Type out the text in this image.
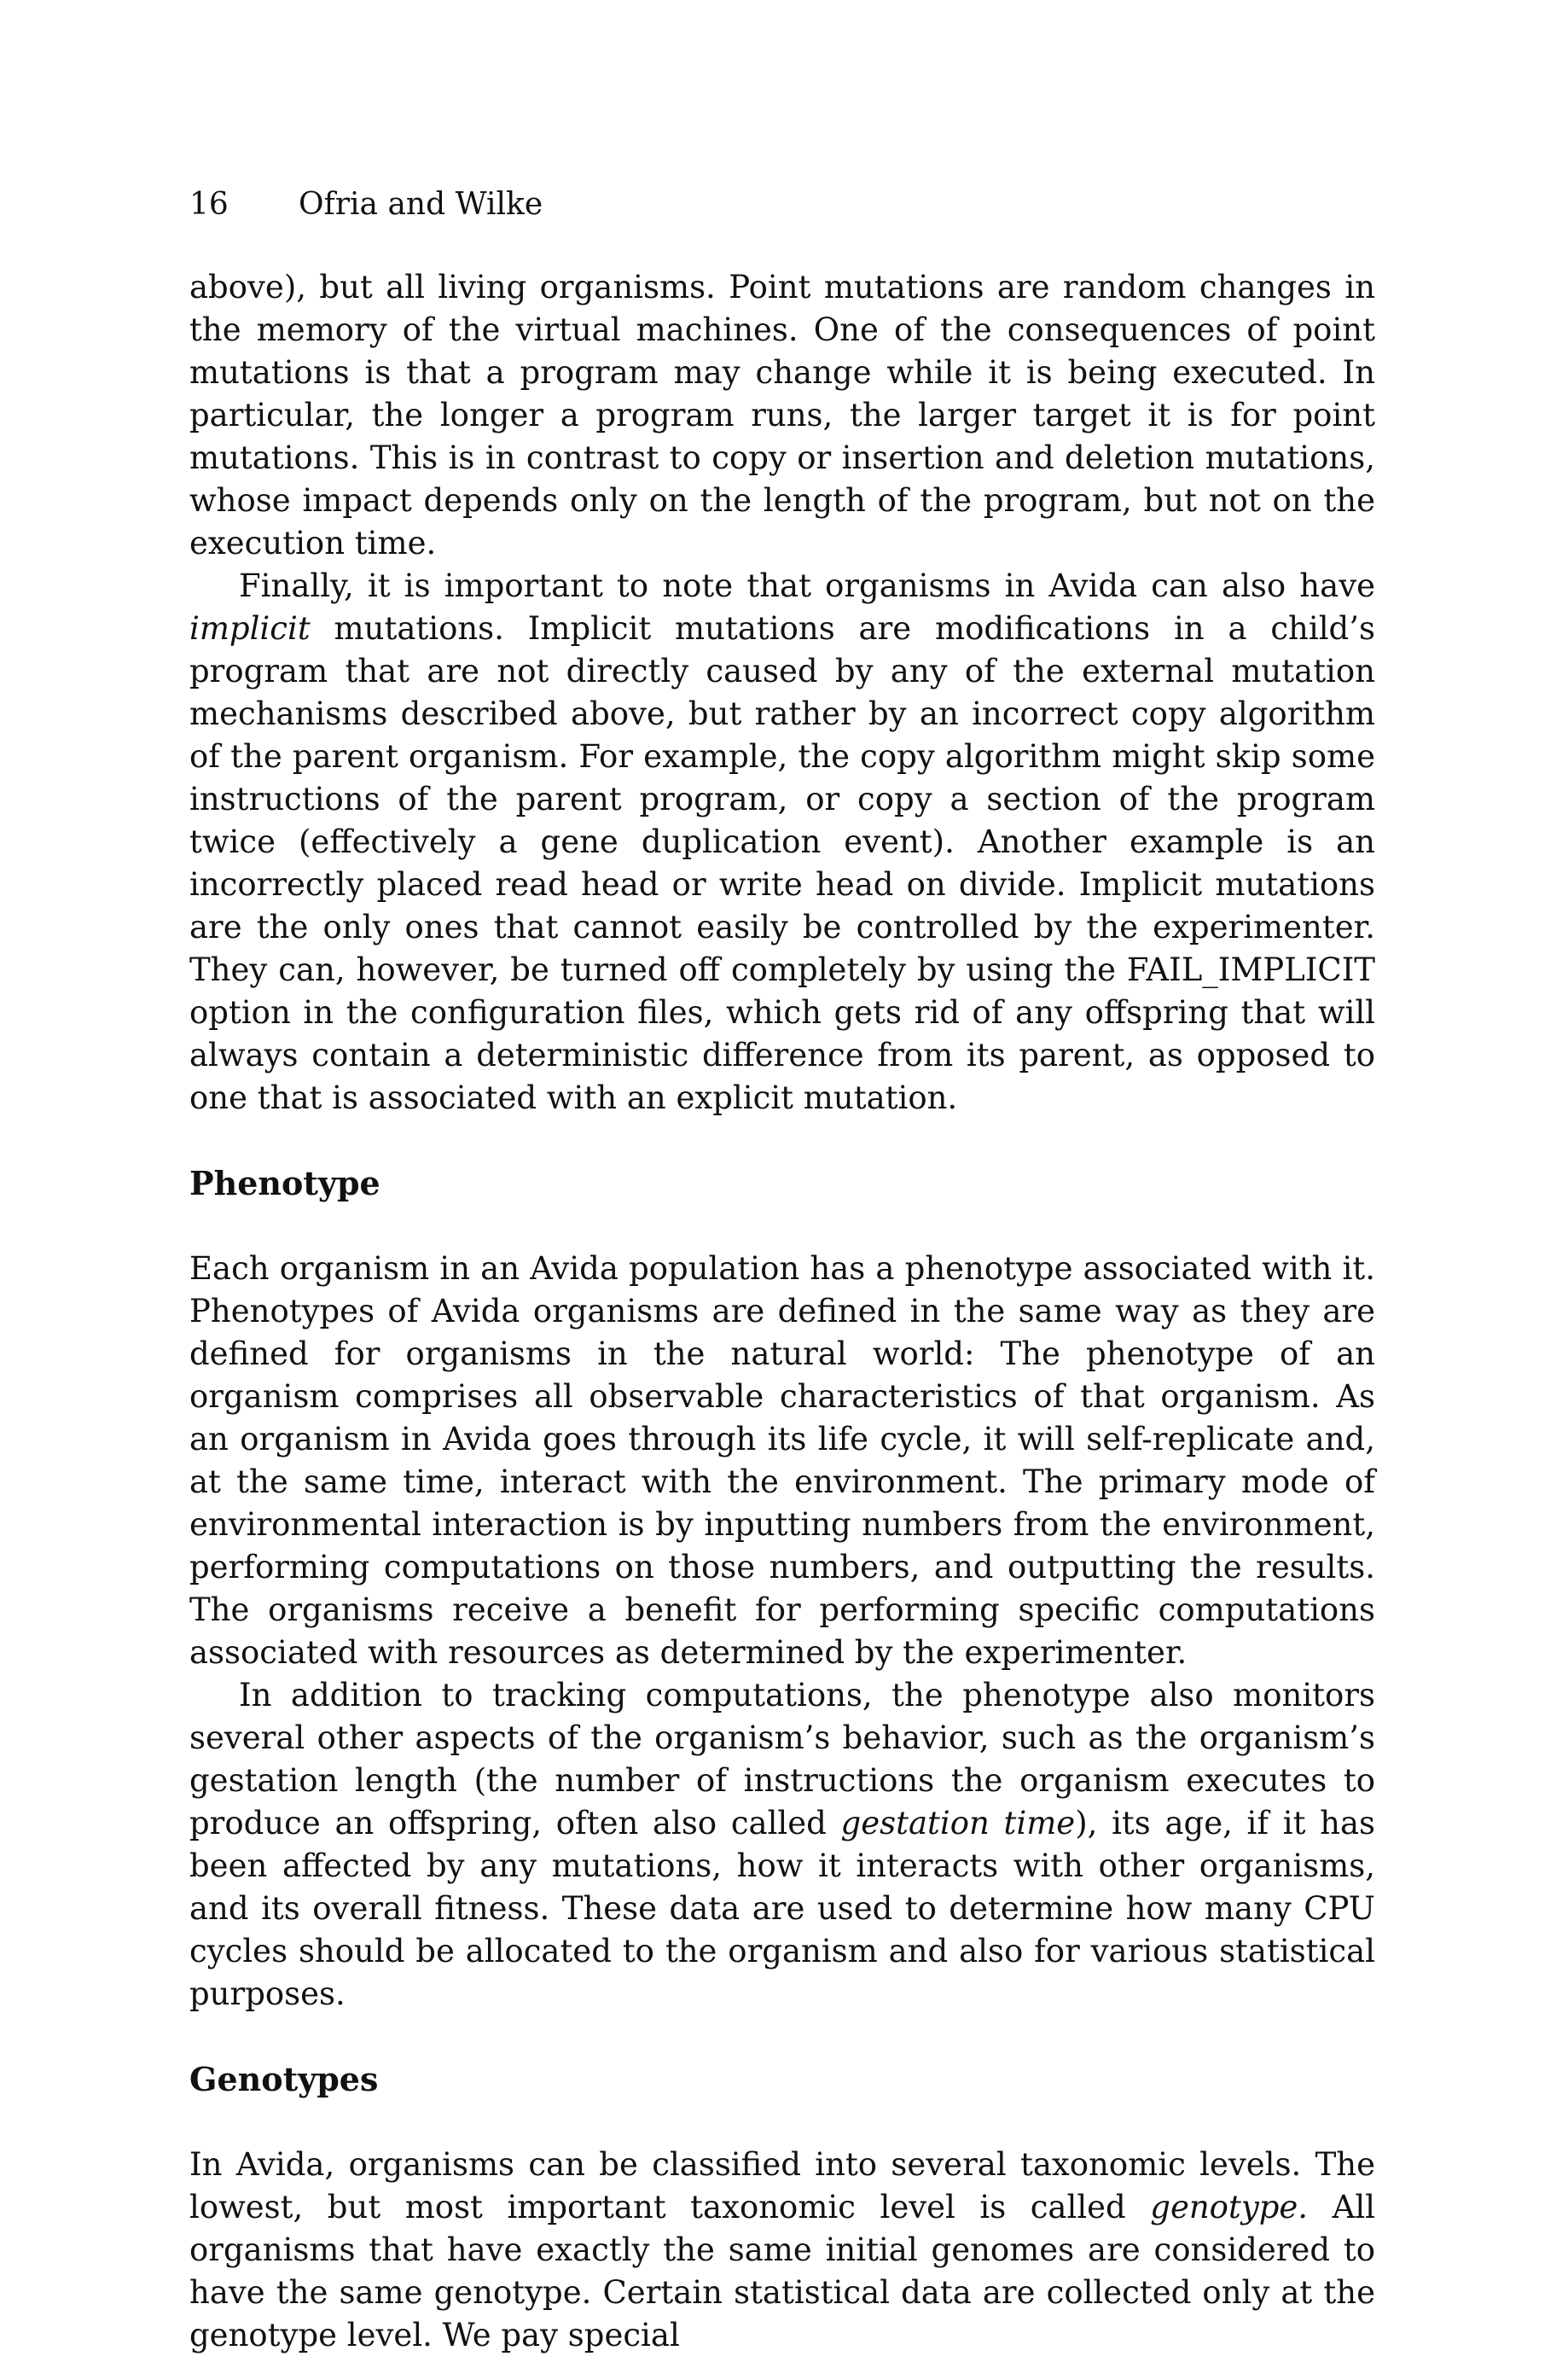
16 Ofria and Wilke

above), but all living organisms. Point mutations are random changes in the memory of the virtual machines. One of the consequences of point mutations is that a program may change while it is being executed. In particular, the longer a program runs, the larger target it is for point mutations. This is in contrast to copy or insertion and deletion mutations, whose impact depends only on the length of the program, but not on the execution time.

Finally, it is important to note that organisms in Avida can also have implicit mutations. Implicit mutations are modifications in a child’s program that are not directly caused by any of the external mutation mechanisms described above, but rather by an incorrect copy algorithm of the parent organism. For example, the copy algorithm might skip some instructions of the parent program, or copy a section of the program twice (effectively a gene duplication event). Another example is an incorrectly placed read head or write head on divide. Implicit mutations are the only ones that cannot easily be controlled by the experimenter. They can, however, be turned off completely by using the FAIL_IMPLICIT option in the configuration files, which gets rid of any offspring that will always contain a deterministic difference from its parent, as opposed to one that is associated with an explicit mutation.

Phenotype

Each organism in an Avida population has a phenotype associated with it. Phenotypes of Avida organisms are defined in the same way as they are defined for organisms in the natural world: The phenotype of an organism comprises all observable characteristics of that organism. As an organism in Avida goes through its life cycle, it will self-replicate and, at the same time, interact with the environment. The primary mode of environmental interaction is by inputting numbers from the environment, performing computations on those numbers, and outputting the results. The organisms receive a benefit for performing specific computations associated with resources as determined by the experimenter.

In addition to tracking computations, the phenotype also monitors several other aspects of the organism’s behavior, such as the organism’s gestation length (the number of instructions the organism executes to produce an offspring, often also called gestation time), its age, if it has been affected by any mutations, how it interacts with other organisms, and its overall fitness. These data are used to determine how many CPU cycles should be allocated to the organism and also for various statistical purposes.

Genotypes

In Avida, organisms can be classified into several taxonomic levels. The lowest, but most important taxonomic level is called genotype. All organisms that have exactly the same initial genomes are considered to have the same genotype. Certain statistical data are collected only at the genotype level. We pay special
